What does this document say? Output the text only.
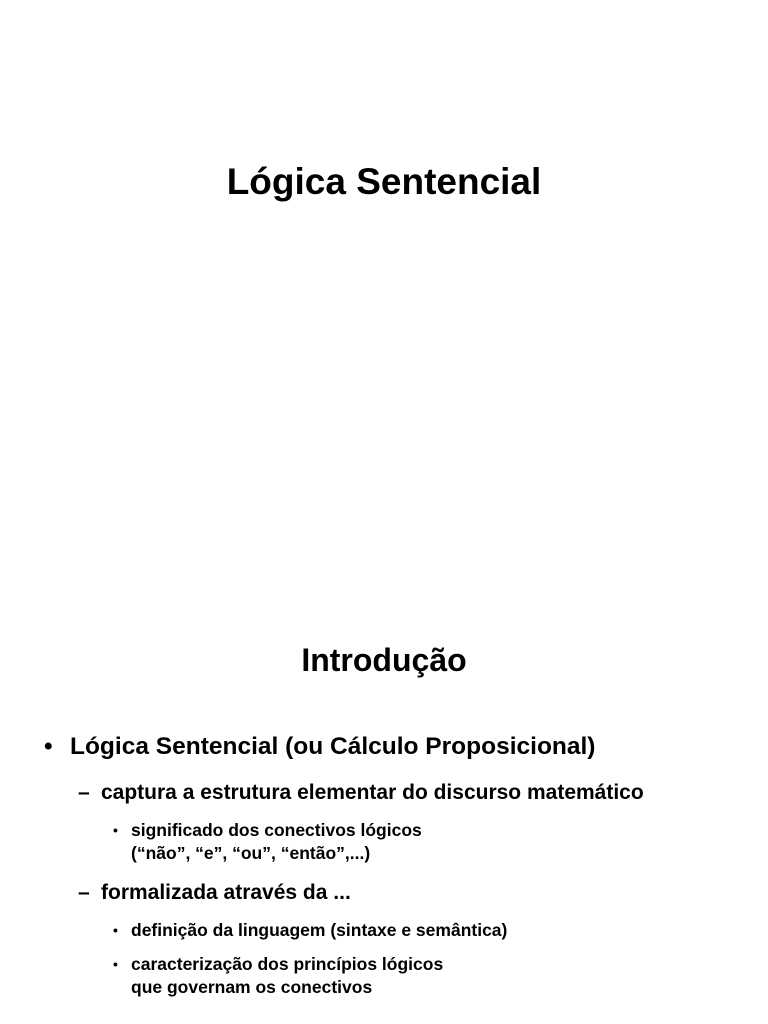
Lógica Sentencial
Introdução
• Lógica Sentencial (ou Cálculo Proposicional)
– captura a estrutura elementar do discurso matemático
• significado dos conectivos lógicos
(“não”, “e”, “ou”, “então”,...)
– formalizada através da ...
• definição da linguagem (sintaxe e semântica)
• caracterização dos princípios lógicos
que governam os conectivos
